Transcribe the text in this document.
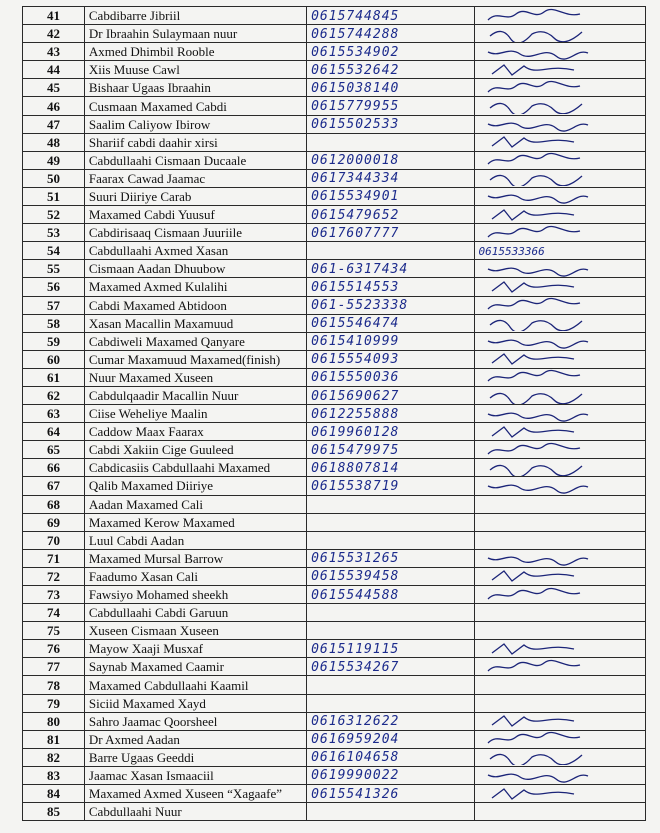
41	Cabdibarre Jibriil	0615744845	

42	Dr Ibraahin Sulaymaan nuur	0615744288	

43	Axmed Dhimbil Rooble	0615534902	

44	Xiis Muuse Cawl	0615532642	

45	Bishaar Ugaas Ibraahin	0615038140	

46	Cusmaan Maxamed Cabdi	0615779955	

47	Saalim Caliyow Ibirow	0615502533	

48	Shariif cabdi daahir xirsi		

49	Cabdullaahi Cismaan Ducaale	0612000018	

50	Faarax Cawad Jaamac	0617344334	

51	Suuri Diiriye Carab	0615534901	

52	Maxamed Cabdi Yuusuf	0615479652	

53	Cabdirisaaq Cismaan Juuriile	0617607777	

54	Cabdullaahi Axmed Xasan		0615533366
55	Cismaan Aadan Dhuubow	061-6317434	

56	Maxamed Axmed Kulalihi	0615514553	

57	Cabdi Maxamed Abtidoon	061-5523338	

58	Xasan Macallin Maxamuud	0615546474	

59	Cabdiweli Maxamed Qanyare	0615410999	

60	Cumar Maxamuud Maxamed(finish)	0615554093	

61	Nuur Maxamed Xuseen	0615550036	

62	Cabdulqaadir Macallin Nuur	0615690627	

63	Ciise Weheliye Maalin	0612255888	

64	Caddow Maax Faarax	0619960128	

65	Cabdi Xakiin Cige Guuleed	0615479975	

66	Cabdicasiis Cabdullaahi Maxamed	0618807814	

67	Qalib Maxamed Diiriye	0615538719	

68	Aadan Maxamed Cali		
69	Maxamed Kerow Maxamed		
70	Luul Cabdi Aadan		
71	Maxamed Mursal Barrow	0615531265	

72	Faadumo Xasan Cali	0615539458	

73	Fawsiyo Mohamed sheekh	0615544588	

74	Cabdullaahi Cabdi Garuun		
75	Xuseen Cismaan Xuseen		
76	Mayow Xaaji Musxaf	0615119115	

77	Saynab Maxamed Caamir	0615534267	

78	Maxamed Cabdullaahi Kaamil		
79	Siciid Maxamed Xayd		
80	Sahro Jaamac Qoorsheel	0616312622	

81	Dr Axmed Aadan	0616959204	

82	Barre Ugaas Geeddi	0616104658	

83	Jaamac Xasan Ismaaciil	0619990022	

84	Maxamed Axmed Xuseen “Xagaafe”	0615541326	

85	Cabdullaahi Nuur		
